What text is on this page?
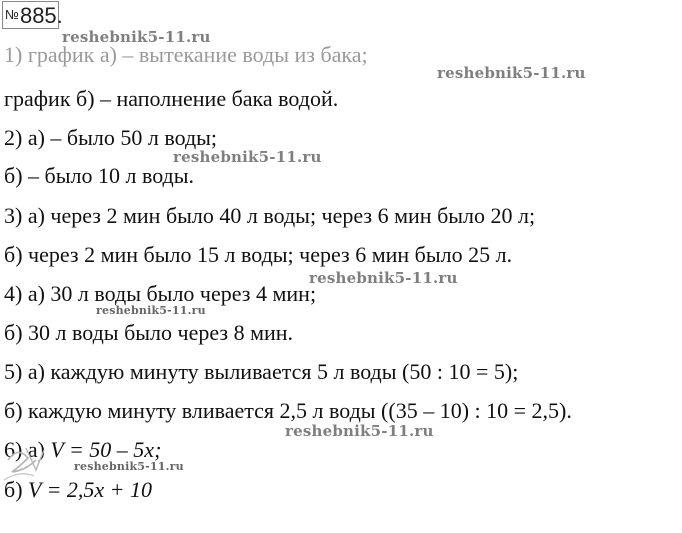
№885.
1) график а) – вытекание воды из бака;
график б) – наполнение бака водой.
2) а) – было 50 л воды;
б) – было 10 л воды.
3) а) через 2 мин было 40 л воды; через 6 мин было 20 л;
б) через 2 мин было 15 л воды; через 6 мин было 25 л.
4) а) 30 л воды было через 4 мин;
б) 30 л воды было через 8 мин.
5) а) каждую минуту выливается 5 л воды (50 : 10 = 5);
б) каждую минуту вливается 2,5 л воды ((35 – 10) : 10 = 2,5).
6) а) V = 50 – 5x;
б) V = 2,5x + 10
reshebnik5-11.ru
reshebnik5-11.ru
reshebnik5-11.ru
reshebnik5-11.ru
reshebnik5-11.ru
reshebnik5-11.ru
reshebnik5-11.ru
